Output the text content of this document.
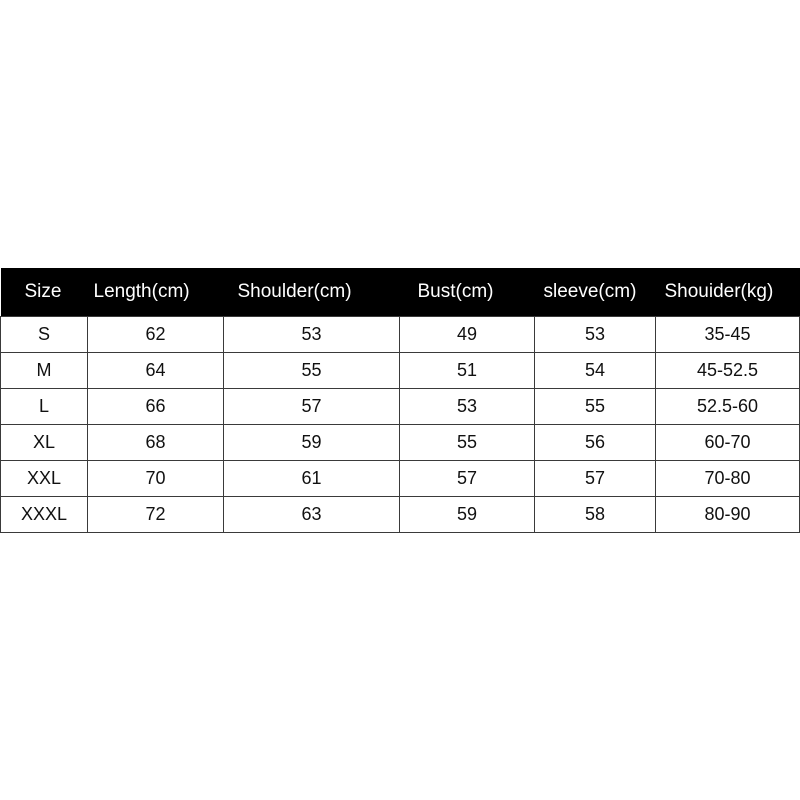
Size	Length(cm)	Shoulder(cm)	Bust(cm)	sleeve(cm)	Shouider(kg)
S	62	53	49	53	35-45
M	64	55	51	54	45-52.5
L	66	57	53	55	52.5-60
XL	68	59	55	56	60-70
XXL	70	61	57	57	70-80
XXXL	72	63	59	58	80-90
